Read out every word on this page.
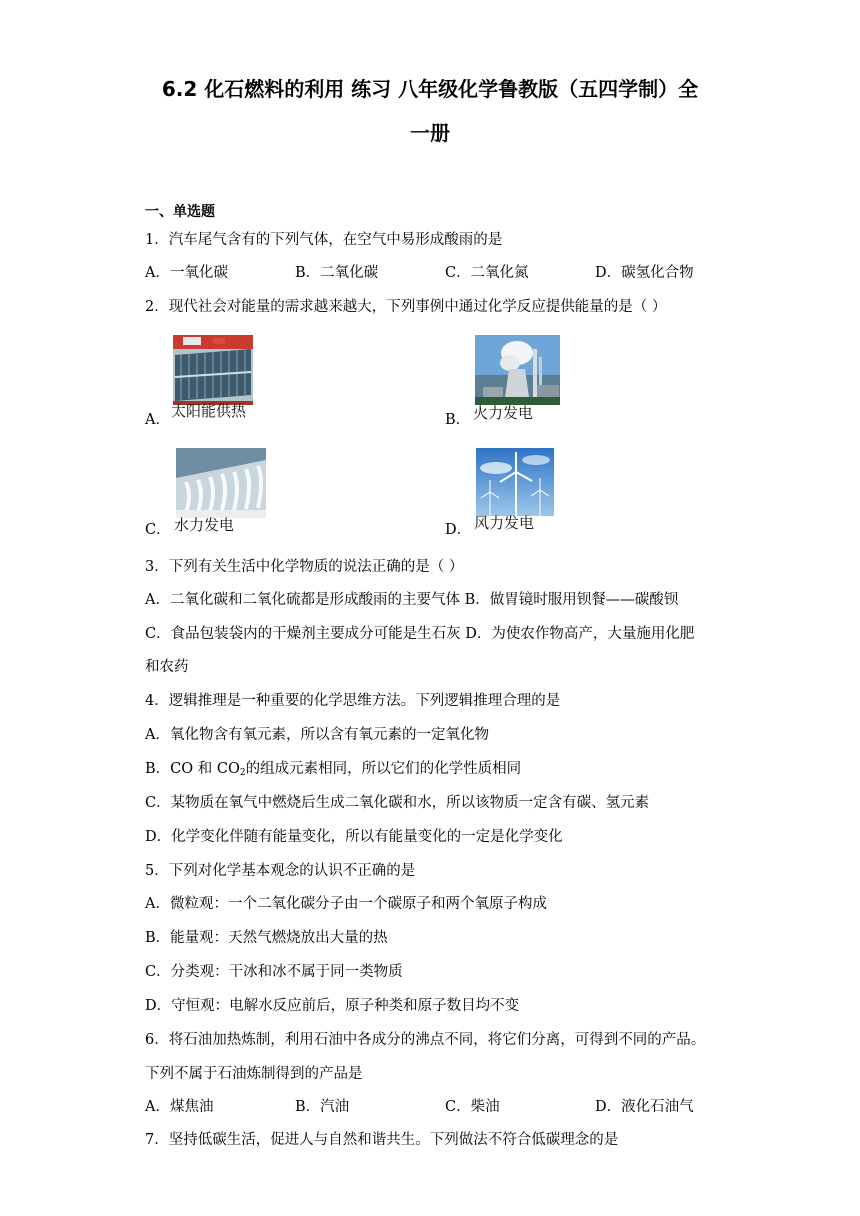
6.2 化石燃料的利用 练习 八年级化学鲁教版（五四学制）全
一册
一、单选题
1．汽车尾气含有的下列气体，在空气中易形成酸雨的是
A．一氧化碳	B．二氧化碳	C．二氧化氮	D．碳氢化合物
2．现代社会对能量的需求越来越大，下列事例中通过化学反应提供能量的是（ ）
A． 太阳能供热	B． 火力发电
C． 水力发电	D． 风力发电
3．下列有关生活中化学物质的说法正确的是（ ）
A．二氧化碳和二氧化硫都是形成酸雨的主要气体 B．做胃镜时服用钡餐——碳酸钡
C．食品包装袋内的干燥剂主要成分可能是生石灰 D．为使农作物高产，大量施用化肥
和农药
4．逻辑推理是一种重要的化学思维方法。下列逻辑推理合理的是
A．氧化物含有氧元素，所以含有氧元素的一定氧化物
B．CO 和 $CO_2$的组成元素相同，所以它们的化学性质相同
C．某物质在氧气中燃烧后生成二氧化碳和水，所以该物质一定含有碳、氢元素
D．化学变化伴随有能量变化，所以有能量变化的一定是化学变化
5．下列对化学基本观念的认识不正确的是
A．微粒观：一个二氧化碳分子由一个碳原子和两个氧原子构成
B．能量观：天然气燃烧放出大量的热
C．分类观：干冰和冰不属于同一类物质
D．守恒观：电解水反应前后，原子种类和原子数目均不变
6．将石油加热炼制，利用石油中各成分的沸点不同，将它们分离，可得到不同的产品。
下列不属于石油炼制得到的产品是
A．煤焦油	B．汽油	C．柴油	D．液化石油气
7．坚持低碳生活，促进人与自然和谐共生。下列做法不符合低碳理念的是
